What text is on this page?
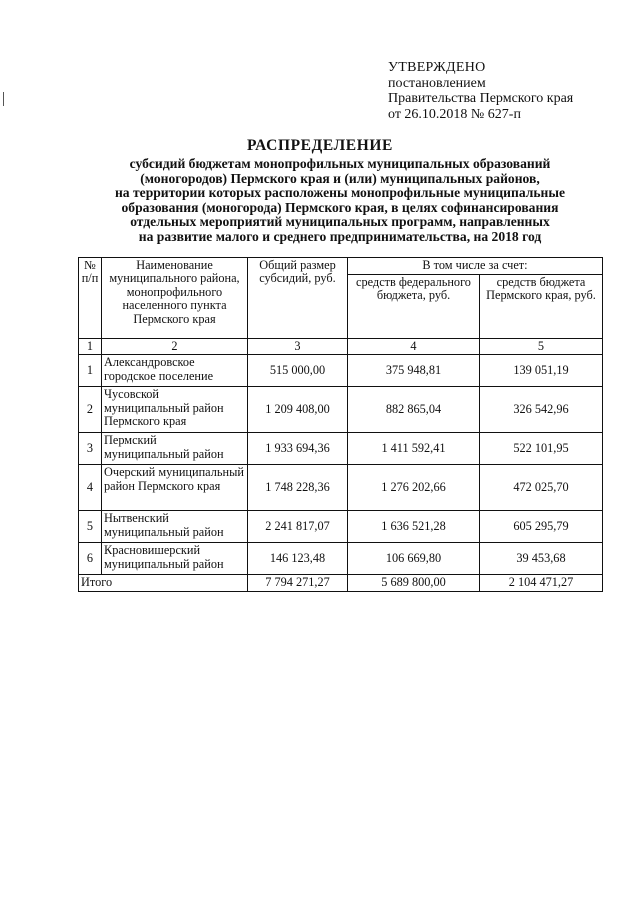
УТВЕРЖДЕНО
постановлением
Правительства Пермского края
от 26.10.2018 № 627-п
РАСПРЕДЕЛЕНИЕ
субсидий бюджетам монопрофильных муниципальных образований
(моногородов) Пермского края и (или) муниципальных районов,
на территории которых расположены монопрофильные муниципальные
образования (моногорода) Пермского края, в целях софинансирования
отдельных мероприятий муниципальных программ, направленных
на развитие малого и среднего предпринимательства, на 2018 год
№ п/п	Наименование муниципального района, монопрофильного населенного пункта Пермского края	Общий размер субсидий, руб.	В том числе за счет:	
			средств федерального бюджета, руб.	средств бюджета Пермского края, руб.
1	2	3	4	5
1	Александровское городское поселение	515 000,00	375 948,81	139 051,19
2	Чусовской муниципальный район Пермского края	1 209 408,00	882 865,04	326 542,96
3	Пермский муниципальный район	1 933 694,36	1 411 592,41	522 101,95
4	Очерский муниципальный район Пермского края	1 748 228,36	1 276 202,66	472 025,70
5	Нытвенский муниципальный район	2 241 817,07	1 636 521,28	605 295,79
6	Красновишерский муниципальный район	146 123,48	106 669,80	39 453,68
Итого		7 794 271,27	5 689 800,00	2 104 471,27
